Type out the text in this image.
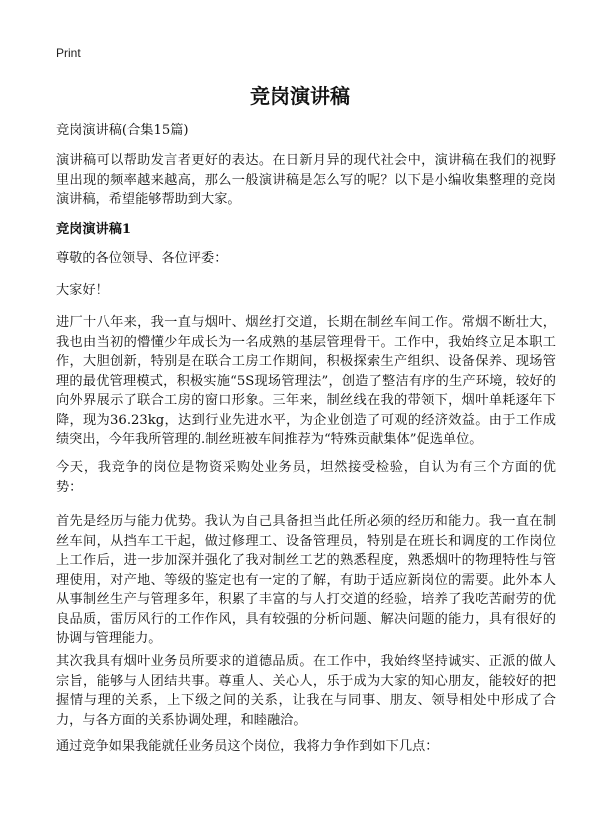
Print
竞岗演讲稿
竞岗演讲稿(合集15篇)
演讲稿可以帮助发言者更好的表达。在日新月异的现代社会中，演讲稿在我们的视野里出现的频率越来越高，那么一般演讲稿是怎么写的呢？以下是小编收集整理的竞岗演讲稿，希望能够帮助到大家。
竞岗演讲稿1
尊敬的各位领导、各位评委：
大家好！
进厂十八年来，我一直与烟叶、烟丝打交道，长期在制丝车间工作。常烟不断壮大，我也由当初的懵懂少年成长为一名成熟的基层管理骨干。工作中，我始终立足本职工作，大胆创新，特别是在联合工房工作期间，积极探索生产组织、设备保养、现场管理的最优管理模式，积极实施“5S现场管理法”，创造了整洁有序的生产环境，较好的向外界展示了联合工房的窗口形象。三年来，制丝线在我的带领下，烟叶单耗逐年下降，现为36.23kg，达到行业先进水平，为企业创造了可观的经济效益。由于工作成绩突出，今年我所管理的.制丝班被车间推荐为“特殊贡献集体”促选单位。
今天，我竞争的岗位是物资采购处业务员，坦然接受检验，自认为有三个方面的优势：
首先是经历与能力优势。我认为自己具备担当此任所必须的经历和能力。我一直在制丝车间，从挡车工干起，做过修理工、设备管理员，特别是在班长和调度的工作岗位上工作后，进一步加深并强化了我对制丝工艺的熟悉程度，熟悉烟叶的物理特性与管理使用，对产地、等级的鉴定也有一定的了解，有助于适应新岗位的需要。此外本人从事制丝生产与管理多年，积累了丰富的与人打交道的经验，培养了我吃苦耐劳的优良品质，雷厉风行的工作作风，具有较强的分析问题、解决问题的能力，具有很好的协调与管理能力。
其次我具有烟叶业务员所要求的道德品质。在工作中，我始终坚持诚实、正派的做人宗旨，能够与人团结共事。尊重人、关心人，乐于成为大家的知心朋友，能较好的把握情与理的关系，上下级之间的关系，让我在与同事、朋友、领导相处中形成了合力，与各方面的关系协调处理，和睦融洽。
通过竞争如果我能就任业务员这个岗位，我将力争作到如下几点：
